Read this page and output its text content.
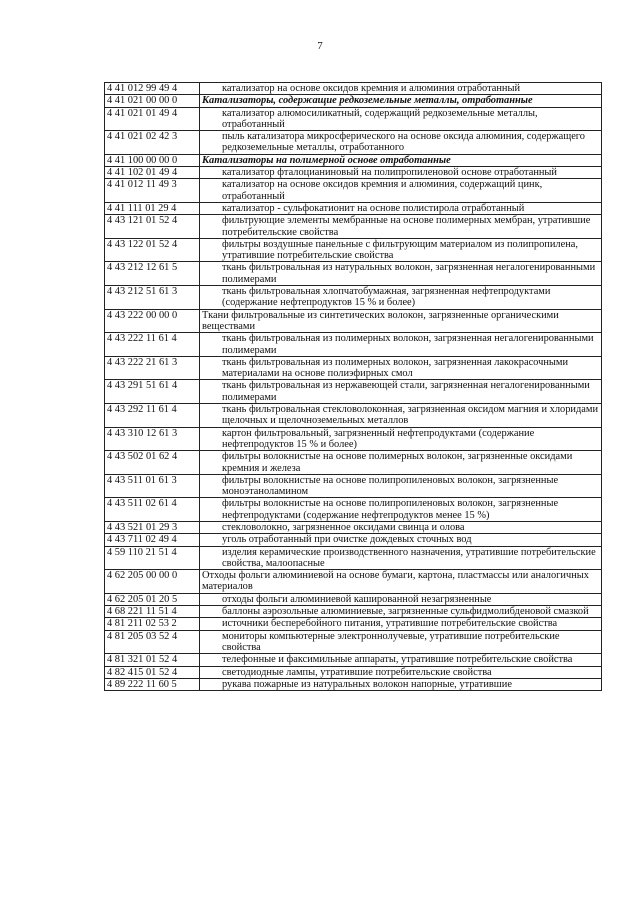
7
4 41 012 99 49 4	катализатор на основе оксидов кремния и алюминия отработанный
4 41 021 00 00 0	Катализаторы, содержащие редкоземельные металлы, отработанные
4 41 021 01 49 4	катализатор алюмосиликатный, содержащий редкоземельные металлы, отработанный
4 41 021 02 42 3	пыль катализатора микросферического на основе оксида алюминия, содержащего редкоземельные металлы, отработанного
4 41 100 00 00 0	Катализаторы на полимерной основе отработанные
4 41 102 01 49 4	катализатор фталоцианиновый на полипропиленовой основе отработанный
4 41 012 11 49 3	катализатор на основе оксидов кремния и алюминия, содержащий цинк, отработанный
4 41 111 01 29 4	катализатор - сульфокатионит на основе полистирола отработанный
4 43 121 01 52 4	фильтрующие элементы мембранные на основе полимерных мембран, утратившие потребительские свойства
4 43 122 01 52 4	фильтры воздушные панельные с фильтрующим материалом из полипропилена, утратившие потребительские свойства
4 43 212 12 61 5	ткань фильтровальная из натуральных волокон, загрязненная негалогенированными полимерами
4 43 212 51 61 3	ткань фильтровальная хлопчатобумажная, загрязненная нефтепродуктами (содержание нефтепродуктов 15 % и более)
4 43 222 00 00 0	Ткани фильтровальные из синтетических волокон, загрязненные органическими веществами
4 43 222 11 61 4	ткань фильтровальная из полимерных волокон, загрязненная негалогенированными полимерами
4 43 222 21 61 3	ткань фильтровальная из полимерных волокон, загрязненная лакокрасочными материалами на основе полиэфирных смол
4 43 291 51 61 4	ткань фильтровальная из нержавеющей стали, загрязненная негалогенированными полимерами
4 43 292 11 61 4	ткань фильтровальная стекловолоконная, загрязненная оксидом магния и хлоридами щелочных и щелочноземельных металлов
4 43 310 12 61 3	картон фильтровальный, загрязненный нефтепродуктами (содержание нефтепродуктов 15 % и более)
4 43 502 01 62 4	фильтры волокнистые на основе полимерных волокон, загрязненные оксидами кремния и железа
4 43 511 01 61 3	фильтры волокнистые на основе полипропиленовых волокон, загрязненные моноэтаноламином
4 43 511 02 61 4	фильтры волокнистые на основе полипропиленовых волокон, загрязненные нефтепродуктами (содержание нефтепродуктов менее 15 %)
4 43 521 01 29 3	стекловолокно, загрязненное оксидами свинца и олова
4 43 711 02 49 4	уголь отработанный при очистке дождевых сточных вод
4 59 110 21 51 4	изделия керамические производственного назначения, утратившие потребительские свойства, малоопасные
4 62 205 00 00 0	Отходы фольги алюминиевой на основе бумаги, картона, пластмассы или аналогичных материалов
4 62 205 01 20 5	отходы фольги алюминиевой кашированной незагрязненные
4 68 221 11 51 4	баллоны аэрозольные алюминиевые, загрязненные сульфидмолибденовой смазкой
4 81 211 02 53 2	источники бесперебойного питания, утратившие потребительские свойства
4 81 205 03 52 4	мониторы компьютерные электроннолучевые, утратившие потребительские свойства
4 81 321 01 52 4	телефонные и факсимильные аппараты, утратившие потребительские свойства
4 82 415 01 52 4	светодиодные лампы, утратившие потребительские свойства
4 89 222 11 60 5	рукава пожарные из натуральных волокон напорные, утратившие
